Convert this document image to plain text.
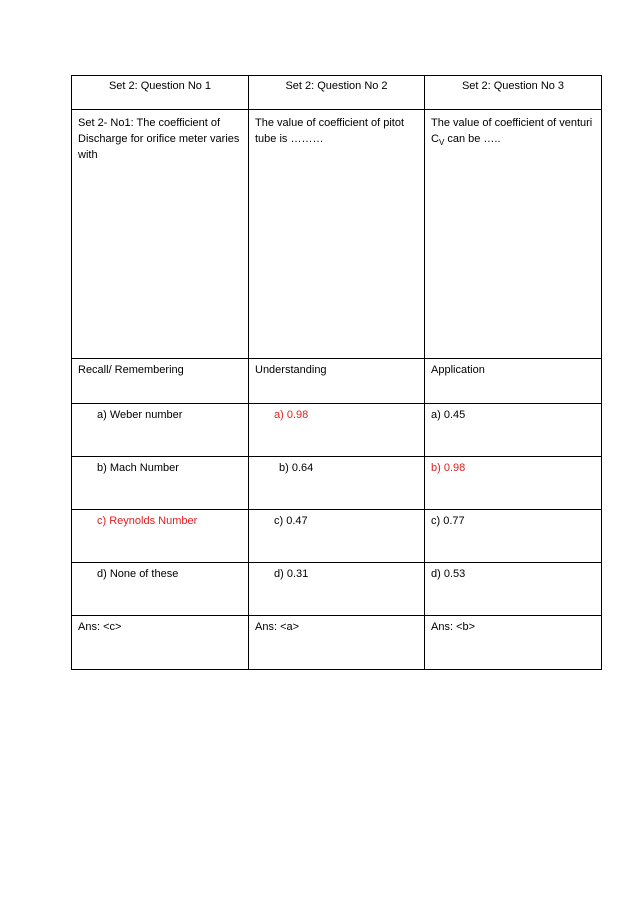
Set 2: Question No 1	Set 2: Question No 2	Set 2: Question No 3

Set 2- No1: The coefficient of Discharge for orifice meter varies with	The value of coefficient of pitot tube is ………	The value of coefficient of venturi $C_V$ can be …..

Recall/ Remembering	Understanding	Application

a) Weber number	a) 0.98	a) 0.45

b) Mach Number	b) 0.64	b) 0.98

c) Reynolds Number	c) 0.47	c) 0.77

d) None of these	d) 0.31	d) 0.53

Ans: <c>	Ans: <a>	Ans: <b>
